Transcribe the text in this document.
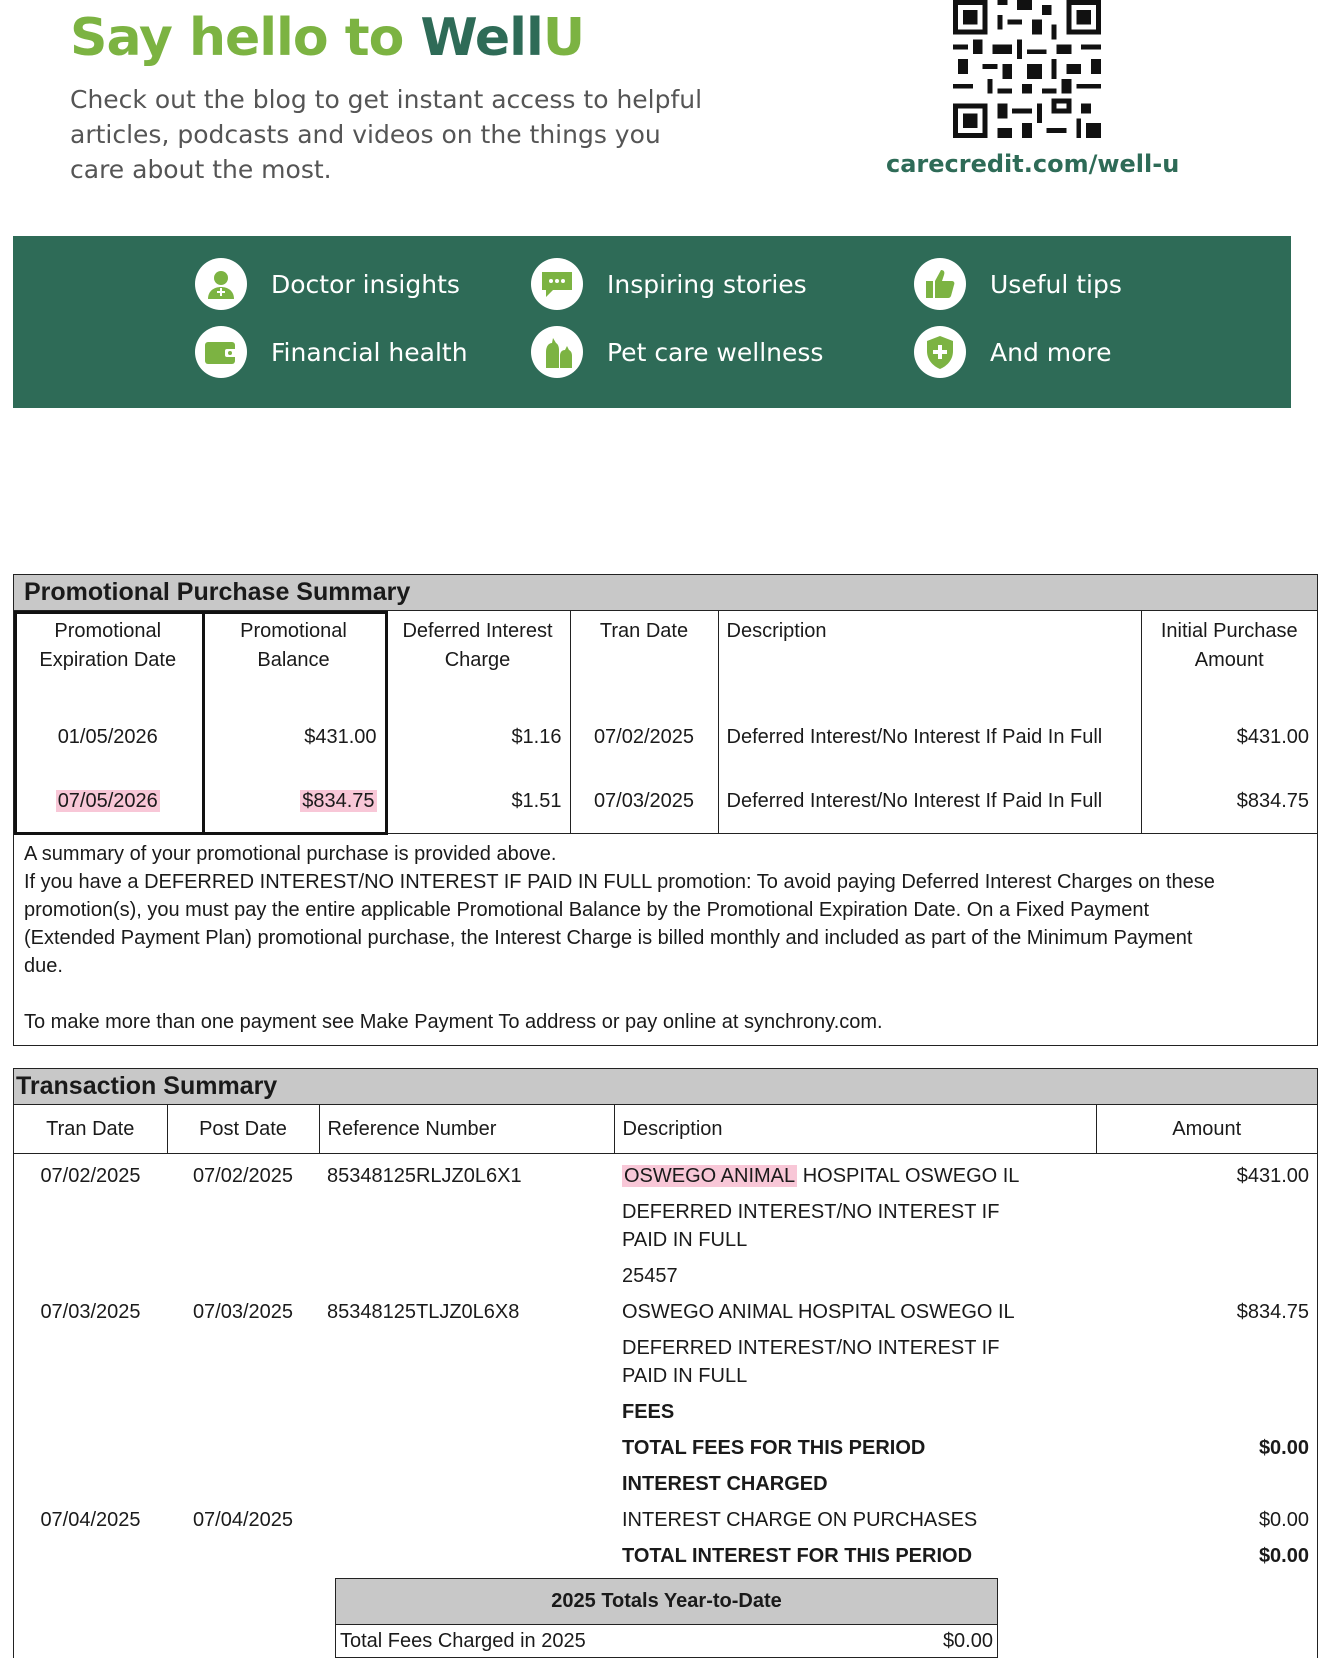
Say hello to WellU
Check out the blog to get instant access to helpful articles, podcasts and videos on the things you care about the most.	carecredit.com/well-u
Doctor insights	Inspiring stories	Useful tips
Financial health	Pet care wellness	And more
Promotional Purchase Summary
Promotional Expiration Date	Promotional Balance	Deferred Interest Charge	Tran Date	Description	Initial Purchase Amount
01/05/2026	$431.00	$1.16	07/02/2025	Deferred Interest/No Interest If Paid In Full	$431.00
07/05/2026	$834.75	$1.51	07/03/2025	Deferred Interest/No Interest If Paid In Full	$834.75
A summary of your promotional purchase is provided above.
If you have a DEFERRED INTEREST/NO INTEREST IF PAID IN FULL promotion: To avoid paying Deferred Interest Charges on these promotion(s), you must pay the entire applicable Promotional Balance by the Promotional Expiration Date. On a Fixed Payment (Extended Payment Plan) promotional purchase, the Interest Charge is billed monthly and included as part of the Minimum Payment due.
To make more than one payment see Make Payment To address or pay online at synchrony.com.
Transaction Summary
Tran Date	Post Date	Reference Number	Description	Amount
07/02/2025	07/02/2025	85348125RLJZ0L6X1	OSWEGO ANIMAL HOSPITAL OSWEGO IL	$431.00
			DEFERRED INTEREST/NO INTEREST IF PAID IN FULL	
			25457	
07/03/2025	07/03/2025	85348125TLJZ0L6X8	OSWEGO ANIMAL HOSPITAL OSWEGO IL	$834.75
			DEFERRED INTEREST/NO INTEREST IF PAID IN FULL	
			FEES	
			TOTAL FEES FOR THIS PERIOD	$0.00
			INTEREST CHARGED	
07/04/2025	07/04/2025		INTEREST CHARGE ON PURCHASES	$0.00
			TOTAL INTEREST FOR THIS PERIOD	$0.00
2025 Totals Year-to-Date
Total Fees Charged in 2025	$0.00
